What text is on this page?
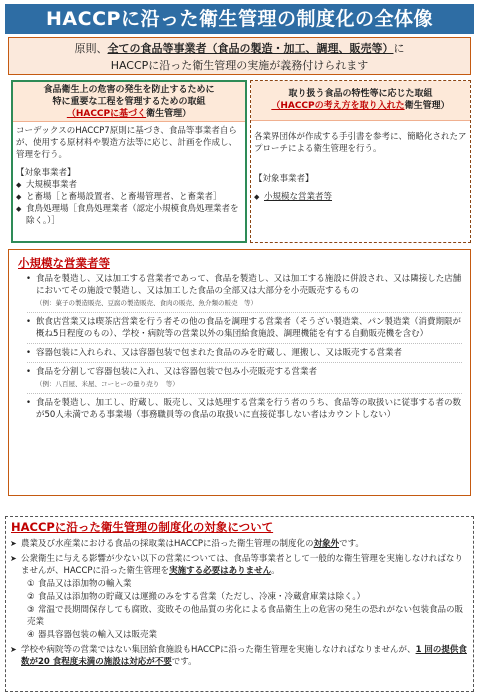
HACCPに沿った衛生管理の制度化の全体像
原則、全ての食品等事業者（食品の製造・加工、調理、販売等）に
HACCPに沿った衛生管理の実施が義務付けられます
食品衛生上の危害の発生を防止するために
特に重要な工程を管理するための取組
（HACCPに基づく衛生管理）

コーデックスのHACCP7原則に基づき、食品等事業者自らが、使用する原材料や製造方法等に応じ、計画を作成し、管理を行う。

【対象事業者】
◆ 大規模事業者
◆ と畜場［と畜場設置者、と畜場管理者、と畜業者］
◆ 食鳥処理場［食鳥処理業者（認定小規模食鳥処理業者を除く。）］
取り扱う食品の特性等に応じた取組
（HACCPの考え方を取り入れた衛生管理）

各業界団体が作成する手引書を参考に、簡略化されたアプローチによる衛生管理を行う。

【対象事業者】
◆ 小規模な営業者等
小規模な営業者等
• 食品を製造し、又は加工する営業者であって、食品を製造し、又は加工する施設に併設され、又は隣接した店舗においてその施設で製造し、又は加工した食品の全部又は大部分を小売販売するもの
（例：菓子の製造販売、豆腐の製造販売、食肉の販売、魚介類の販売　等）
• 飲食店営業又は喫茶店営業を行う者その他の食品を調理する営業者（そうざい製造業、パン製造業（消費期限が概ね5日程度のもの）、学校・病院等の営業以外の集団給食施設、調理機能を有する自動販売機を含む）
• 容器包装に入れられ、又は容器包装で包まれた食品のみを貯蔵し、運搬し、又は販売する営業者
• 食品を分割して容器包装に入れ、又は容器包装で包み小売販売する営業者
（例：八百屋、米屋、コーヒーの量り売り　等）
• 食品を製造し、加工し、貯蔵し、販売し、又は処理する営業を行う者のうち、食品等の取扱いに従事する者の数が50人未満である事業場（事務職員等の食品の取扱いに直接従事しない者はカウントしない）
HACCPに沿った衛生管理の制度化の対象について
➤ 農業及び水産業における食品の採取業はHACCPに沿った衛生管理の制度化の対象外です。
➤ 公衆衛生に与える影響が少ない以下の営業については、食品等事業者として一般的な衛生管理を実施しなければなりませんが、HACCPに沿った衛生管理を実施する必要はありません。
① 食品又は添加物の輸入業
② 食品又は添加物の貯蔵又は運搬のみをする営業（ただし、冷凍・冷蔵倉庫業は除く。）
③ 常温で長期間保存しても腐敗、変敗その他品質の劣化による食品衛生上の危害の発生の恐れがない包装食品の販売業
④ 器具容器包装の輸入又は販売業
➤ 学校や病院等の営業ではない集団給食施設もHACCPに沿った衛生管理を実施しなければなりませんが、1 回の提供食数が20 食程度未満の施設は対応が不要です。
